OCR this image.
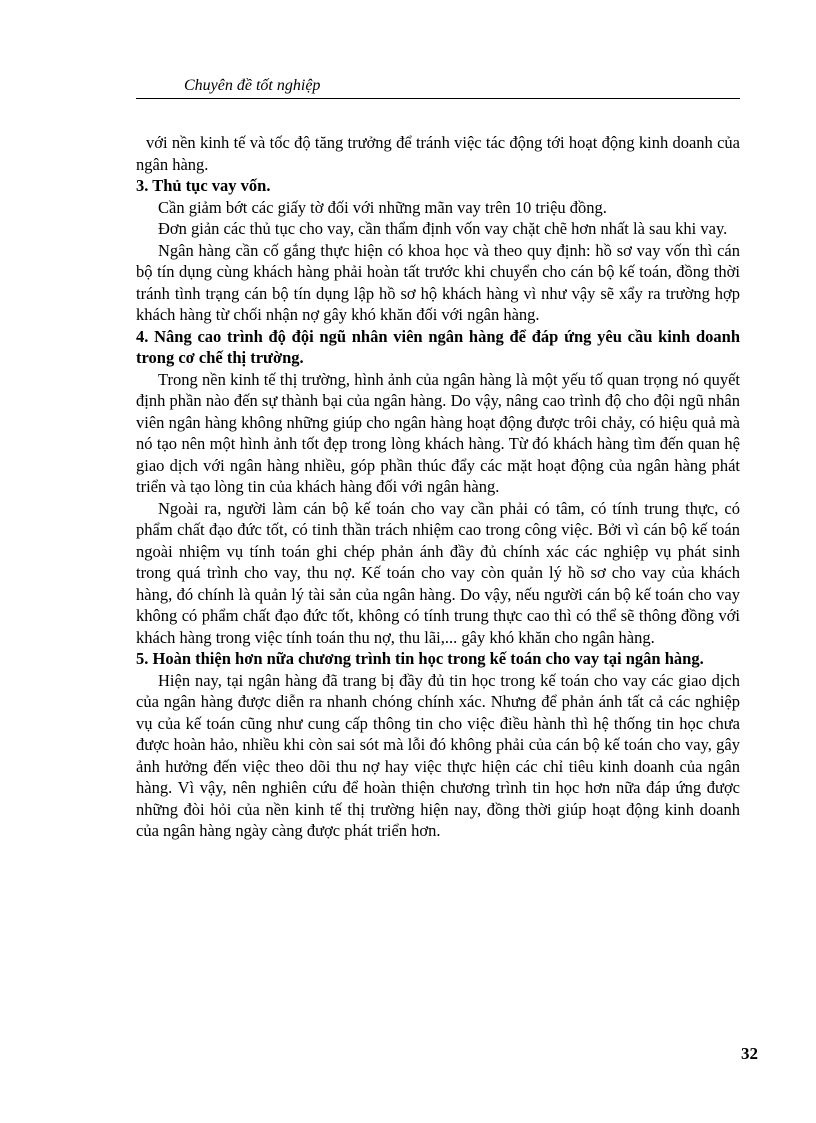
Chuyên đề tốt nghiệp

với nền kinh tế và tốc độ tăng trưởng để tránh việc tác động tới hoạt động kinh doanh của ngân hàng.

3. Thủ tục vay vốn.

Cần giảm bớt các giấy tờ đối với những mãn vay trên 10 triệu đồng.

Đơn giản các thủ tục cho vay, cần thẩm định vốn vay chặt chẽ hơn nhất là sau khi vay.

Ngân hàng cần cố gắng thực hiện có khoa học và theo quy định: hồ sơ vay vốn thì cán bộ tín dụng cùng khách hàng phải hoàn tất trước khi chuyển cho cán bộ kế toán, đồng thời tránh tình trạng cán bộ tín dụng lập hồ sơ hộ khách hàng vì như vậy sẽ xẩy ra trường hợp khách hàng từ chối nhận nợ gây khó khăn đối với ngân hàng.

4. Nâng cao trình độ đội ngũ nhân viên ngân hàng để đáp ứng yêu cầu kinh doanh trong cơ chế thị trường.

Trong nền kinh tế thị trường, hình ảnh của ngân hàng là một yếu tố quan trọng nó quyết định phần nào đến sự thành bại của ngân hàng. Do vậy, nâng cao trình độ cho đội ngũ nhân viên ngân hàng không những giúp cho ngân hàng hoạt động được trôi chảy, có hiệu quả mà nó tạo nên một hình ảnh tốt đẹp trong lòng khách hàng. Từ đó khách hàng tìm đến quan hệ giao dịch với ngân hàng nhiều, góp phần thúc đẩy các mặt hoạt động của ngân hàng phát triển và tạo lòng tin của khách hàng đối với ngân hàng.

Ngoài ra, người làm cán bộ kế toán cho vay cần phải có tâm, có tính trung thực, có phẩm chất đạo đức tốt, có tinh thần trách nhiệm cao trong công việc. Bởi vì cán bộ kế toán ngoài nhiệm vụ tính toán ghi chép phản ánh đầy đủ chính xác các nghiệp vụ phát sinh trong quá trình cho vay, thu nợ. Kế toán cho vay còn quản lý hồ sơ cho vay của khách hàng, đó chính là quản lý tài sản của ngân hàng. Do vậy, nếu người cán bộ kế toán cho vay không có phẩm chất đạo đức tốt, không có tính trung thực cao thì có thể sẽ thông đồng với khách hàng trong việc tính toán thu nợ, thu lãi,... gây khó khăn cho ngân hàng.

5. Hoàn thiện hơn nữa chương trình tin học trong kế toán cho vay tại ngân hàng.

Hiện nay, tại ngân hàng đã trang bị đầy đủ tin học trong kế toán cho vay các giao dịch của ngân hàng được diễn ra nhanh chóng chính xác. Nhưng để phản ánh tất cả các nghiệp vụ của kế toán cũng như cung cấp thông tin cho việc điều hành thì hệ thống tin học chưa được hoàn hảo, nhiều khi còn sai sót mà lỗi đó không phải của cán bộ kế toán cho vay, gây ảnh hưởng đến việc theo dõi thu nợ hay việc thực hiện các chỉ tiêu kinh doanh của ngân hàng. Vì vậy, nên nghiên cứu để hoàn thiện chương trình tin học hơn nữa đáp ứng được những đòi hỏi của nền kinh tế thị trường hiện nay, đồng thời giúp hoạt động kinh doanh của ngân hàng ngày càng được phát triển hơn.

32
